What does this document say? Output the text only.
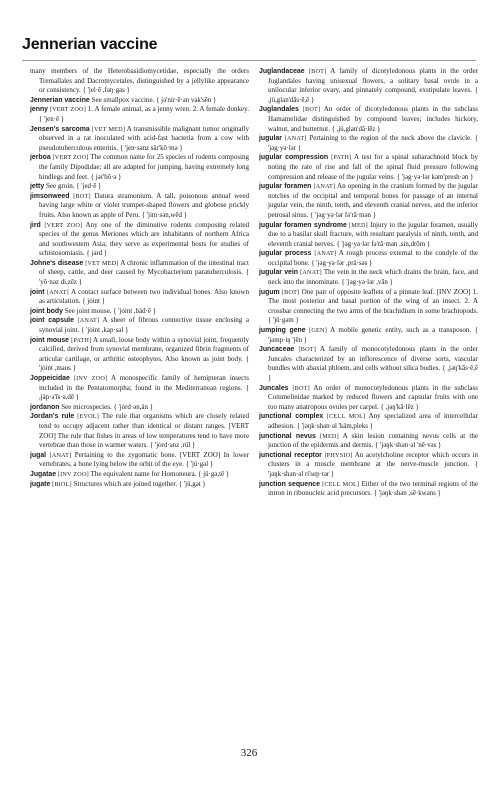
Jennerian vaccine

many members of the Heterobasidiomycetidae, especially the orders Tremallales and Dacromycetales, distinguished by a jellylike appearance or consistency. { 'jel·ē ,fəŋ·gəs }

Jennerian vaccine See smallpox vaccine. { jə'nir·ē·ən vak'sēn }

jenny [VERT ZOO] 1. A female animal, as a jenny wren. 2. A female donkey. { 'jen·ē }

Jensen's sarcoma [VET MED] A transmissible malignant tumor originally observed in a rat inoculated with acid-fast bacteria from a cow with pseudotuberculous enteritis. { 'jen·sənz sär'kō·mə }

jerboa [VERT ZOO] The common name for 25 species of rodents composing the family Dipodidae; all are adapted for jumping, having extremely long hindlegs and feet. { jər'bō·ə }

jetty See groin. { 'jed·ē }

jimsonweed [BOT] Datura stramonium. A tall, poisonous annual weed having large white or violet trumpet-shaped flowers and globose prickly fruits. Also known as apple of Peru. { 'jim·sən,wēd }

jird [VERT ZOO] Any one of the diminutive rodents composing related species of the genus Meriones which are inhabitants of northern Africa and southwestern Asia; they serve as experimental hosts for studies of schistosomiasis. { jərd }

Johne's disease [VET MED] A chronic inflammation of the intestinal tract of sheep, cattle, and deer caused by Mycobacterium paratuberculosis. { 'yō·nəz di,zēz }

joint [ANAT] A contact surface between two individual bones. Also known as articulation. { jȯint }

joint body See joint mouse. { 'jȯint ,bäd·ē }

joint capsule [ANAT] A sheet of fibrous connective tissue enclosing a synovial joint. { 'jȯint ,kap·səl }

joint mouse [PATH] A small, loose body within a synovial joint, frequently calcified, derived from synovial membrane, organized fibrin fragments of articular cartilage, or arthritic osteophytes. Also known as joint body. { 'jȯint ,maus }

Joppeicidae [INV ZOO] A monospecific family of hemipteran insects included in the Pentatomorpha; found in the Mediterranean regions. { ,jäp·ə'īs·ə,dē }

jordanon See microspecies. { 'jȯrd·ən,än }

Jordan's rule [EVOL] The rule that organisms which are closely related tend to occupy adjacent rather than identical or distant ranges. [VERT ZOO] The rule that fishes in areas of low temperatures tend to have more vertebrae than those in warmer waters. { 'jȯrd·ənz ,rül }

jugal [ANAT] Pertaining to the zygomatic bone. [VERT ZOO] In lower vertebrates, a bone lying below the orbit of the eye. { 'jü·gəl }

Jugatae [INV ZOO] The equivalent name for Homoneura. { jü·gə,tē }

jugate [BIOL] Structures which are joined together. { 'jü,gət }

Juglandaceae [BOT] A family of dicotyledonous plants in the order Juglandales having unisexual flowers, a solitary basal ovule in a unilocular inferior ovary, and pinnately compound, exstipulate leaves. { ,jü,glan'dās·ē,ē }

Juglandales [BOT] An order of dicotyledonous plants in the subclass Hamamelidae distinguished by compound leaves; includes hickory, walnut, and butternut. { ,jü,glan'dā·lēz }

jugular [ANAT] Pertaining to the region of the neck above the clavicle. { 'jəg·yə·lər }

jugular compression [PATH] A test for a spinal subarachnoid block by noting the rate of rise and fall of the spinal fluid pressure following compression and release of the jugular veins. { 'jəg·yə·lər kəm'presh·ən }

jugular foramen [ANAT] An opening in the cranium formed by the jugular notches of the occipital and temporal bones for passage of an internal jugular vein, the ninth, tenth, and eleventh cranial nerves, and the inferior petrosal sinus. { 'jəg·yə·lər fə'rā·mən }

jugular foramen syndrome [MED] Injury to the jugular foramen, usually due to a basilar skull fracture, with resultant paralysis of ninth, tenth, and eleventh cranial nerves. { 'jəg·yə·lər fə'rā·mən ,sin,drōm }

jugular process [ANAT] A rough process external to the condyle of the occipital bone. { 'jəg·yə·lər ,prä·səs }

jugular vein [ANAT] The vein in the neck which drains the brain, face, and neck into the innominate. { 'jəg·yə·lər ,vān }

jugum [BOT] One pair of opposite leaflets of a pinnate leaf. [INV ZOO] 1. The most posterior and basal portion of the wing of an insect. 2. A crossbar connecting the two arms of the brachidium in some brachiopods. { 'jü·gəm }

jumping gene [GEN] A mobile genetic entity, such as a transposon. { 'jəmp·iŋ 'jēn }

Juncaceae [BOT] A family of monocotyledonous plants in the order Juncales characterized by an inflorescence of diverse sorts, vascular bundles with abaxial phloem, and cells without silica bodies. { ,jəŋ'kās·ē,ē }

Juncales [BOT] An order of monocotyledonous plants in the subclass Commelinidae marked by reduced flowers and capsular fruits with one too many anatropous ovules per carpel. { ,jəŋ'kā·lēz }

junctional complex [CELL MOL] Any specialized area of intercellular adhesion. { 'jəŋk·shən·əl 'käm,pleks }

junctional nevus [MED] A skin lesion containing nevus cells at the junction of the epidermis and dermis. { 'jəŋk·shən·əl 'nē·vəs }

junctional receptor [PHYSIO] An acetylcholine receptor which occurs in clusters in a muscle membrane at the nerve-muscle junction. { 'jəŋk·shən·əl ri'sep·tər }

junction sequence [CELL MOL] Either of the two terminal regions of the intron in ribonucleic acid precursors. { 'jəŋk·shən ,sē·kwəns }

326
